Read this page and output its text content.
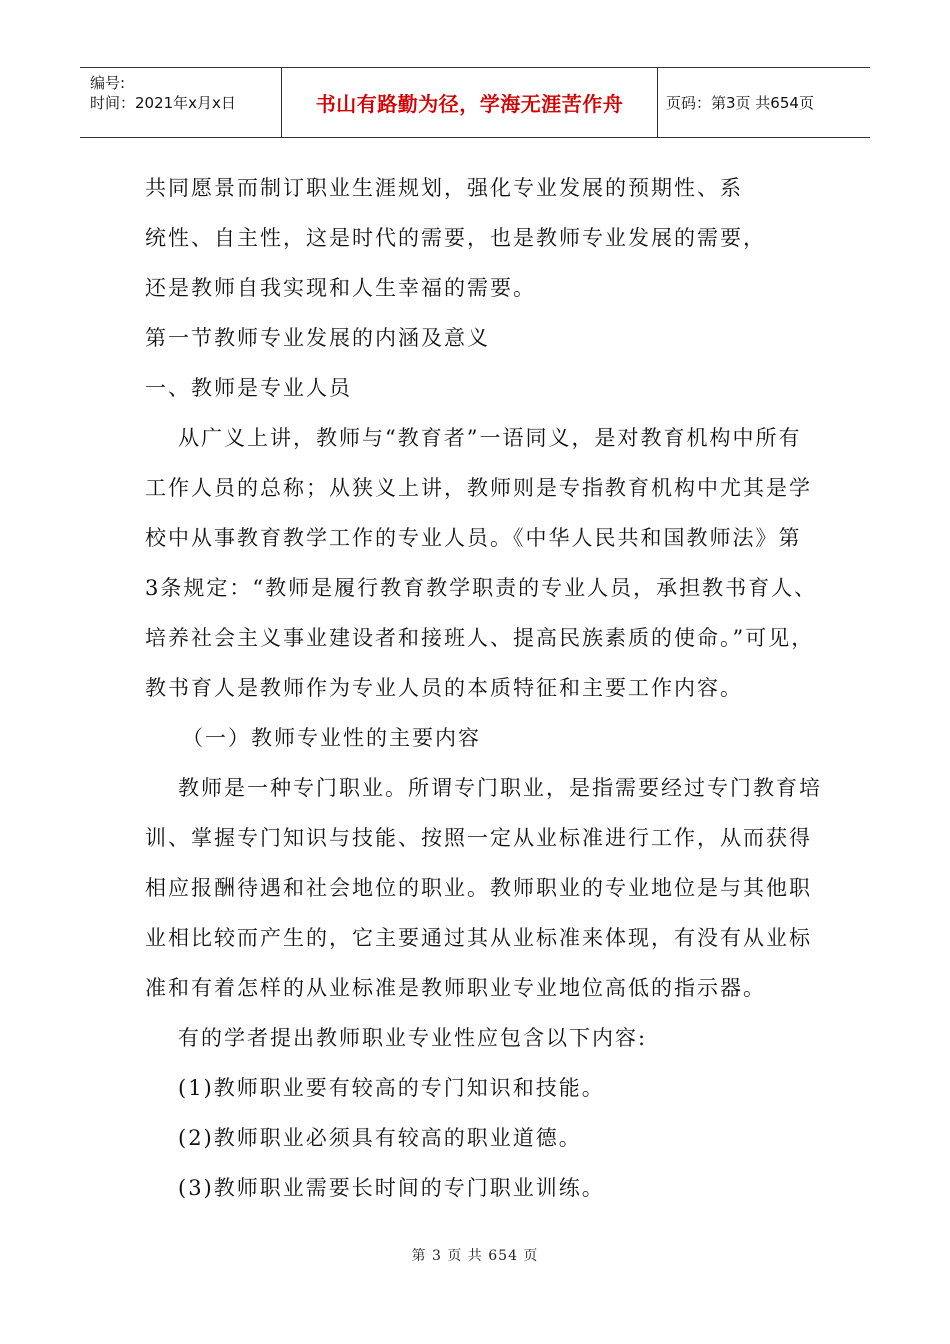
编号:
时间：2021年x月x日	书山有路勤为径，学海无涯苦作舟	页码：第3页 共654页
共同愿景而制订职业生涯规划，强化专业发展的预期性、系
统性、自主性，这是时代的需要，也是教师专业发展的需要，
还是教师自我实现和人生幸福的需要。
第一节教师专业发展的内涵及意义
一、教师是专业人员
从广义上讲，教师与“教育者”一语同义，是对教育机构中所有
工作人员的总称；从狭义上讲，教师则是专指教育机构中尤其是学
校中从事教育教学工作的专业人员。《中华人民共和国教师法》第
3条规定：“教师是履行教育教学职责的专业人员，承担教书育人、
培养社会主义事业建设者和接班人、提高民族素质的使命。”可见，
教书育人是教师作为专业人员的本质特征和主要工作内容。
（一）教师专业性的主要内容
教师是一种专门职业。所谓专门职业，是指需要经过专门教育培
训、掌握专门知识与技能、按照一定从业标准进行工作，从而获得
相应报酬待遇和社会地位的职业。教师职业的专业地位是与其他职
业相比较而产生的，它主要通过其从业标准来体现，有没有从业标
准和有着怎样的从业标准是教师职业专业地位高低的指示器。
有的学者提出教师职业专业性应包含以下内容:
(1)教师职业要有较高的专门知识和技能。
(2)教师职业必须具有较高的职业道德。
(3)教师职业需要长时间的专门职业训练。
第 3 页 共 654 页
